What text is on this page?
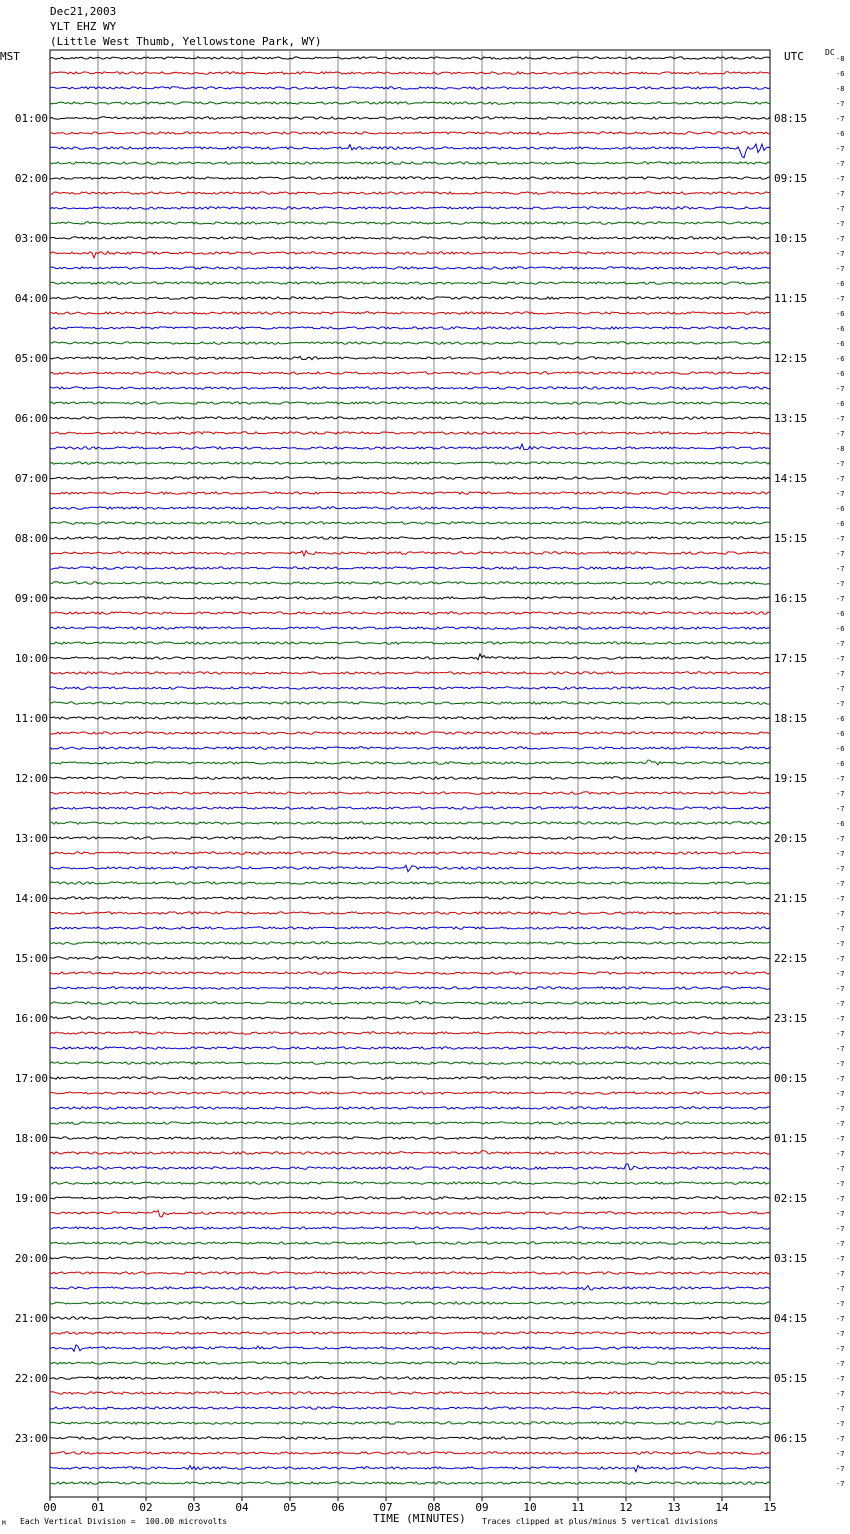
Dec21,2003
YLT EHZ WY
(Little West Thumb, Yellowstone Park, WY)
MST	UTC	DC
01:00
02:00
03:00
04:00
05:00
06:00
07:00
08:00
09:00
10:00
11:00
12:00
13:00
14:00
15:00
16:00
17:00
18:00
19:00
20:00
21:00
22:00
23:00
08:15
09:15
10:15
11:15
12:15
13:15
14:15
15:15
16:15
17:15
18:15
19:15
20:15
21:15
22:15
23:15
00:15
01:15
02:15
03:15
04:15
05:15
06:15
-8
-6
-8
-7
-7
-6
-7
-7
-7
-7
-7
-7
-7
-7
-7
-6
-7
-6
-6
-6
-6
-6
-7
-6
-7
-7
-8
-7
-7
-7
-6
-6
-7
-7
-7
-7
-7
-6
-6
-7
-7
-7
-7
-7
-6
-6
-6
-6
-7
-7
-7
-6
-7
-7
-7
-7
-7
-7
-7
-7
-7
-7
-7
-7
-7
-7
-7
-7
-7
-7
-7
-7
-7
-7
-7
-7
-7
-7
-7
-7
-7
-7
-7
-7
-7
-7
-7
-7
-7
-7
-7
-7
-7
-7
-7
-7
00	01	02	03	04	05	06	07	08	09	10	11	12	13	14	15
Each Vertical Division =  100.00 microvolts	TIME (MINUTES) Traces clipped at plus/minus 5 vertical divisions
M
